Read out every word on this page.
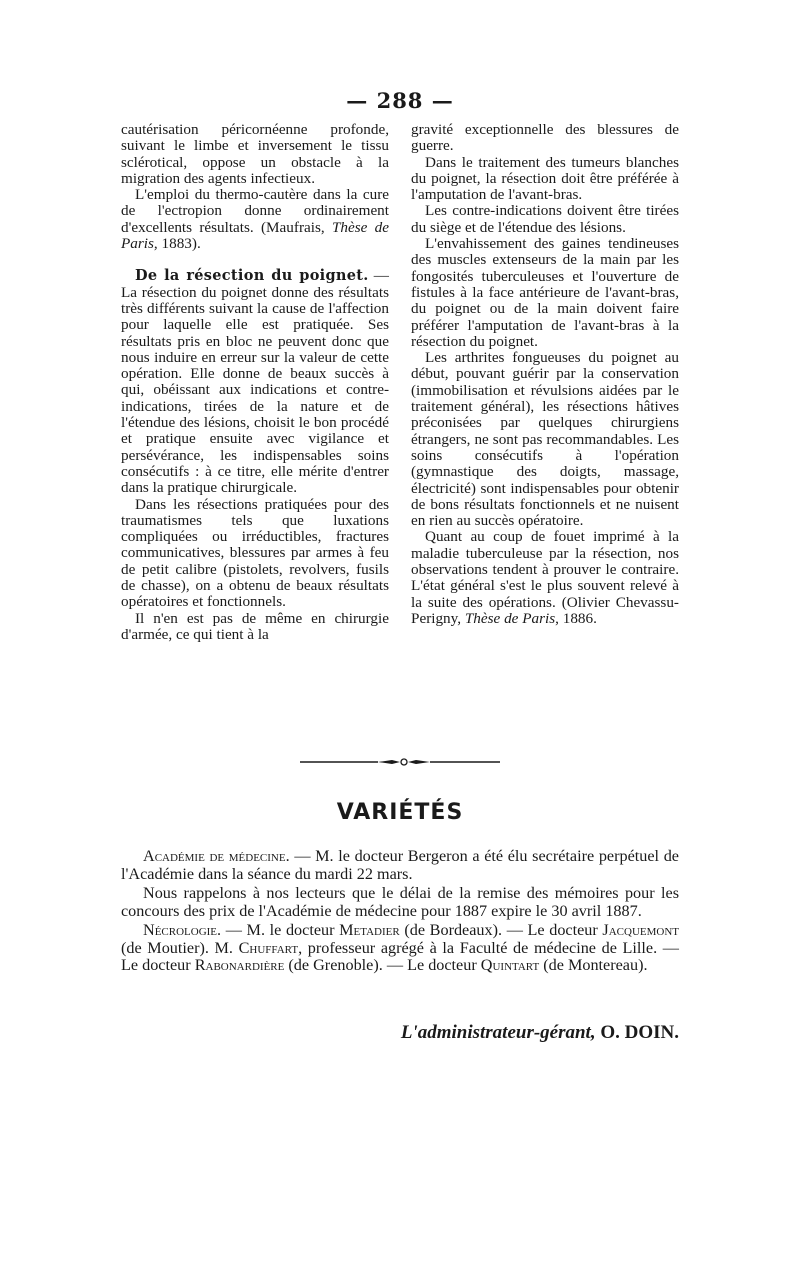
— 288 —

cautérisation péricornéenne profonde, suivant le limbe et inversement le tissu sclérotical, oppose un obstacle à la migration des agents infectieux.

L'emploi du thermo-cautère dans la cure de l'ectropion donne ordinairement d'excellents résultats. (Maufrais, Thèse de Paris, 1883).

De la résection du poignet. — La résection du poignet donne des résultats très différents suivant la cause de l'affection pour laquelle elle est pratiquée. Ses résultats pris en bloc ne peuvent donc que nous induire en erreur sur la valeur de cette opération. Elle donne de beaux succès à qui, obéissant aux indications et contre-indications, tirées de la nature et de l'étendue des lésions, choisit le bon procédé et pratique ensuite avec vigilance et persévérance, les indispensables soins consécutifs : à ce titre, elle mérite d'entrer dans la pratique chirurgicale.

Dans les résections pratiquées pour des traumatismes tels que luxations compliquées ou irréductibles, fractures communicatives, blessures par armes à feu de petit calibre (pistolets, revolvers, fusils de chasse), on a obtenu de beaux résultats opératoires et fonctionnels.

Il n'en est pas de même en chirurgie d'armée, ce qui tient à la

gravité exceptionnelle des blessures de guerre.

Dans le traitement des tumeurs blanches du poignet, la résection doit être préférée à l'amputation de l'avant-bras.

Les contre-indications doivent être tirées du siège et de l'étendue des lésions.

L'envahissement des gaines tendineuses des muscles extenseurs de la main par les fongosités tuberculeuses et l'ouverture de fistules à la face antérieure de l'avant-bras, du poignet ou de la main doivent faire préférer l'amputation de l'avant-bras à la résection du poignet.

Les arthrites fongueuses du poignet au début, pouvant guérir par la conservation (immobilisation et révulsions aidées par le traitement général), les résections hâtives préconisées par quelques chirurgiens étrangers, ne sont pas recommandables. Les soins consécutifs à l'opération (gymnastique des doigts, massage, électricité) sont indispensables pour obtenir de bons résultats fonctionnels et ne nuisent en rien au succès opératoire.

Quant au coup de fouet imprimé à la maladie tuberculeuse par la résection, nos observations tendent à prouver le contraire. L'état général s'est le plus souvent relevé à la suite des opérations. (Olivier Chevassu-Perigny, Thèse de Paris, 1886.

VARIÉTÉS

Académie de médecine. — M. le docteur Bergeron a été élu secrétaire perpétuel de l'Académie dans la séance du mardi 22 mars.

Nous rappelons à nos lecteurs que le délai de la remise des mémoires pour les concours des prix de l'Académie de médecine pour 1887 expire le 30 avril 1887.

Nécrologie. — M. le docteur Metadier (de Bordeaux). — Le docteur Jacquemont (de Moutier). M. Chuffart, professeur agrégé à la Faculté de médecine de Lille. — Le docteur Rabonardière (de Grenoble). — Le docteur Quintart (de Montereau).

L'administrateur-gérant, O. DOIN.
